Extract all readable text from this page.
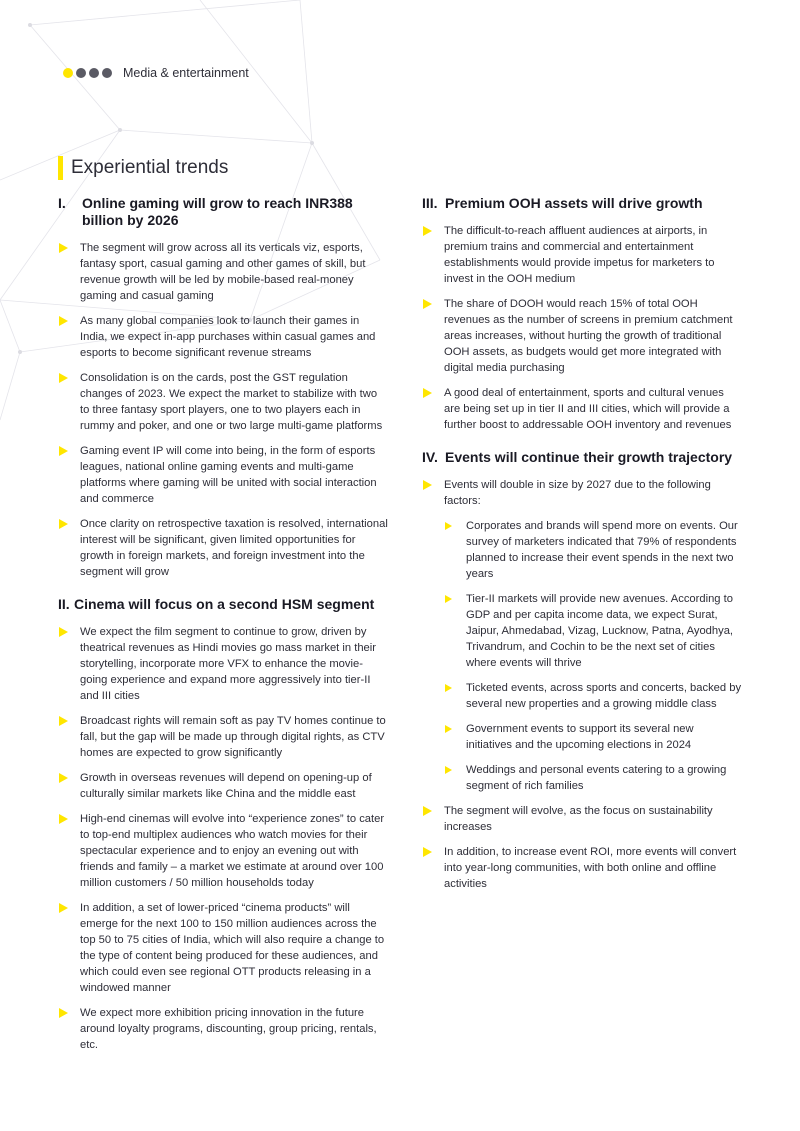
Media & entertainment
Experiential trends
I.	Online gaming will grow to reach INR388 billion by 2026
The segment will grow across all its verticals viz, esports, fantasy sport, casual gaming and other games of skill, but revenue growth will be led by mobile-based real-money gaming and casual gaming
As many global companies look to launch their games in India, we expect in-app purchases within casual games and esports to become significant revenue streams
Consolidation is on the cards, post the GST regulation changes of 2023. We expect the market to stabilize with two to three fantasy sport players, one to two players each in rummy and poker, and one or two large multi-game platforms
Gaming event IP will come into being, in the form of esports leagues, national online gaming events and multi-game platforms where gaming will be united with social interaction and commerce
Once clarity on retrospective taxation is resolved, international interest will be significant, given limited opportunities for growth in foreign markets, and foreign investment into the segment will grow
II. Cinema will focus on a second HSM segment
We expect the film segment to continue to grow, driven by theatrical revenues as Hindi movies go mass market in their storytelling, incorporate more VFX to enhance the movie-going experience and expand more aggressively into tier-II and III cities
Broadcast rights will remain soft as pay TV homes continue to fall, but the gap will be made up through digital rights, as CTV homes are expected to grow significantly
Growth in overseas revenues will depend on opening-up of culturally similar markets like China and the middle east
High-end cinemas will evolve into “experience zones” to cater to top-end multiplex audiences who watch movies for their spectacular experience and to enjoy an evening out with friends and family – a market we estimate at around over 100 million customers / 50 million households today
In addition, a set of lower-priced “cinema products” will emerge for the next 100 to 150 million audiences across the top 50 to 75 cities of India, which will also require a change to the type of content being produced for these audiences, and which could even see regional OTT products releasing in a windowed manner
We expect more exhibition pricing innovation in the future around loyalty programs, discounting, group pricing, rentals, etc.
III. Premium OOH assets will drive growth
The difficult-to-reach affluent audiences at airports, in premium trains and commercial and entertainment establishments would provide impetus for marketers to invest in the OOH medium
The share of DOOH would reach 15% of total OOH revenues as the number of screens in premium catchment areas increases, without hurting the growth of traditional OOH assets, as budgets would get more integrated with digital media purchasing
A good deal of entertainment, sports and cultural venues are being set up in tier II and III cities, which will provide a further boost to addressable OOH inventory and revenues
IV. Events will continue their growth trajectory
Events will double in size by 2027 due to the following factors:
Corporates and brands will spend more on events. Our survey of marketers indicated that 79% of respondents planned to increase their event spends in the next two years
Tier-II markets will provide new avenues. According to GDP and per capita income data, we expect Surat, Jaipur, Ahmedabad, Vizag, Lucknow, Patna, Ayodhya, Trivandrum, and Cochin to be the next set of cities where events will thrive
Ticketed events, across sports and concerts, backed by several new properties and a growing middle class
Government events to support its several new initiatives and the upcoming elections in 2024
Weddings and personal events catering to a growing segment of rich families
The segment will evolve, as the focus on sustainability increases
In addition, to increase event ROI, more events will convert into year-long communities, with both online and offline activities
